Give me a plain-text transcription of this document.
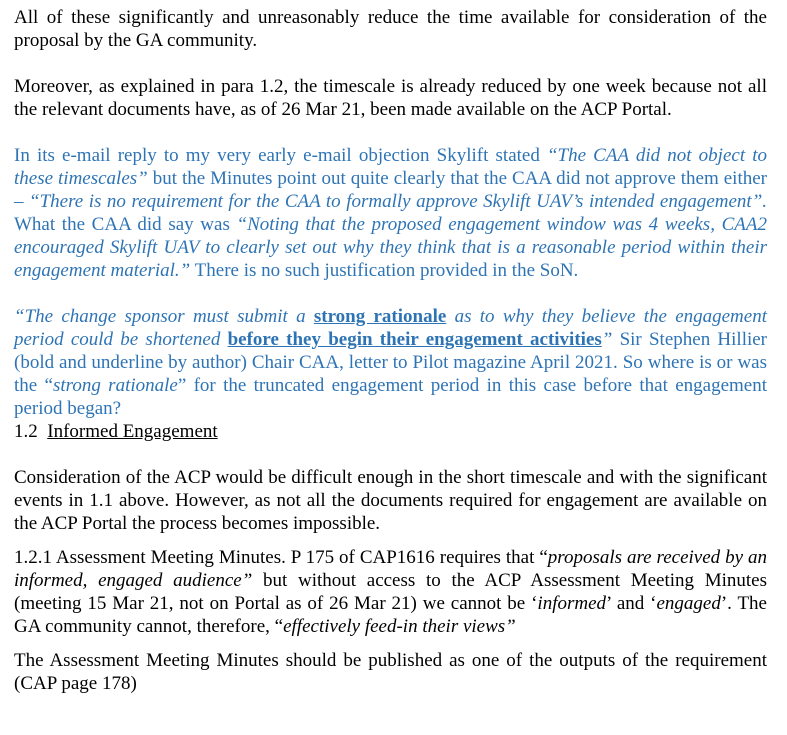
All of these significantly and unreasonably reduce the time available for consideration of the proposal by the GA community.

Moreover, as explained in para 1.2, the timescale is already reduced by one week because not all the relevant documents have, as of 26 Mar 21, been made available on the ACP Portal.

In its e-mail reply to my very early e-mail objection Skylift stated “The CAA did not object to these timescales” but the Minutes point out quite clearly that the CAA did not approve them either – “There is no requirement for the CAA to formally approve Skylift UAV’s intended engagement”. What the CAA did say was “Noting that the proposed engagement window was 4 weeks, CAA2 encouraged Skylift UAV to clearly set out why they think that is a reasonable period within their engagement material.” There is no such justification provided in the SoN.

“The change sponsor must submit a strong rationale as to why they believe the engagement period could be shortened before they begin their engagement activities” Sir Stephen Hillier (bold and underline by author) Chair CAA, letter to Pilot magazine April 2021. So where is or was the “strong rationale” for the truncated engagement period in this case before that engagement period began?

1.2 Informed Engagement

Consideration of the ACP would be difficult enough in the short timescale and with the significant events in 1.1 above. However, as not all the documents required for engagement are available on the ACP Portal the process becomes impossible.

1.2.1 Assessment Meeting Minutes. P 175 of CAP1616 requires that “proposals are received by an informed, engaged audience” but without access to the ACP Assessment Meeting Minutes (meeting 15 Mar 21, not on Portal as of 26 Mar 21) we cannot be ‘informed’ and ‘engaged’. The GA community cannot, therefore, “effectively feed-in their views”

The Assessment Meeting Minutes should be published as one of the outputs of the requirement (CAP page 178)
